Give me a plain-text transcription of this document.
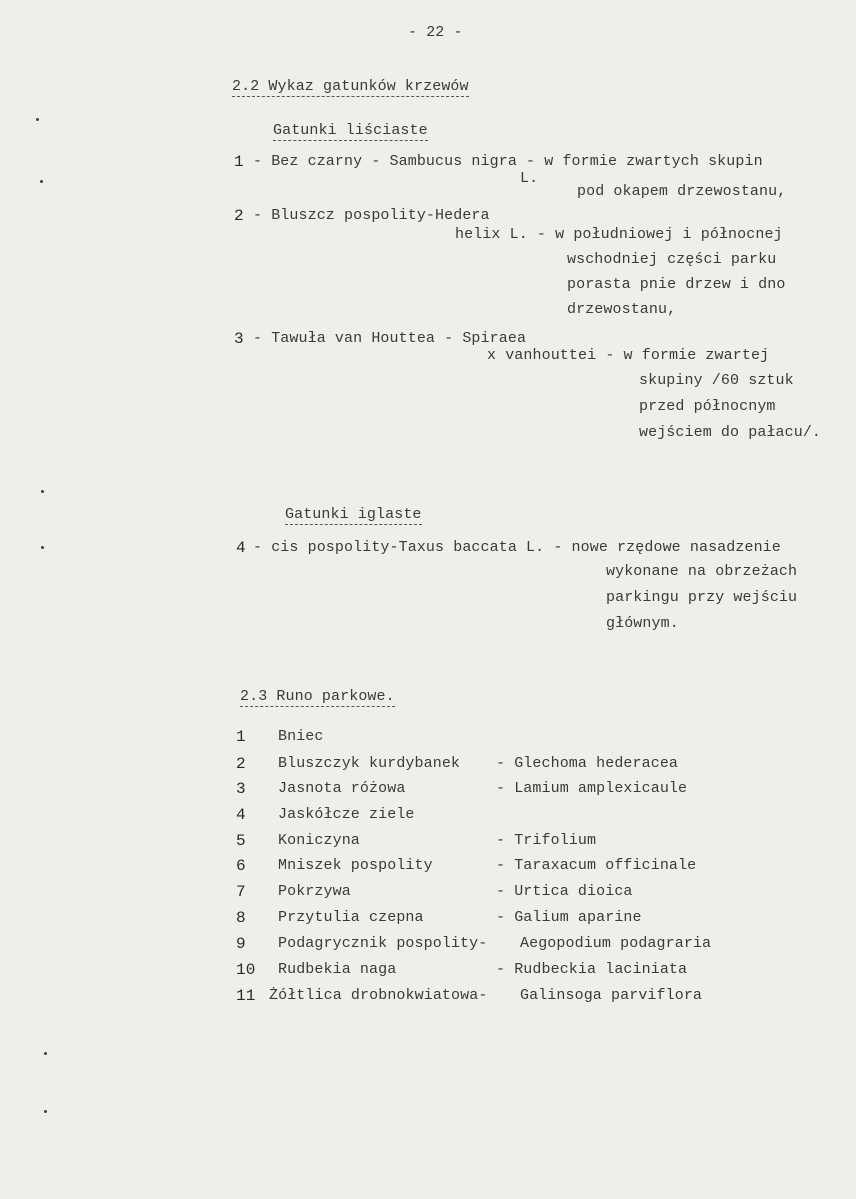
- 22 -
2.2 Wykaz gatunków krzewów
Gatunki liściaste
1 - Bez czarny - Sambucus nigra - w formie zwartych skupin
L.
pod okapem drzewostanu,
2 - Bluszcz pospolity-Hedera
helix L. - w południowej i północnej
wschodniej części parku
porasta pnie drzew i dno
drzewostanu,
3 - Tawuła van Houttea - Spiraea
x vanhouttei - w formie zwartej
skupiny /60 sztuk
przed północnym
wejściem do pałacu/.
Gatunki iglaste
4 - cis pospolity-Taxus baccata L. - nowe rzędowe nasadzenie
wykonane na obrzeżach
parkingu przy wejściu
głównym.
2.3 Runo parkowe.
1 Bniec
2 Bluszczyk kurdybanek - Glechoma hederacea
3 Jasnota różowa	- Lamium amplexicaule
4 Jaskółcze ziele
5 Koniczyna	- Trifolium
6 Mniszek pospolity	- Taraxacum officinale
7 Pokrzywa	- Urtica dioica
8 Przytulia czepna	- Galium aparine
9 Podagrycznik pospolity- Aegopodium podagraria
10 Rudbekia naga	- Rudbeckia laciniata
11 Żółtlica drobnokwiatowa- Galinsoga parviflora
